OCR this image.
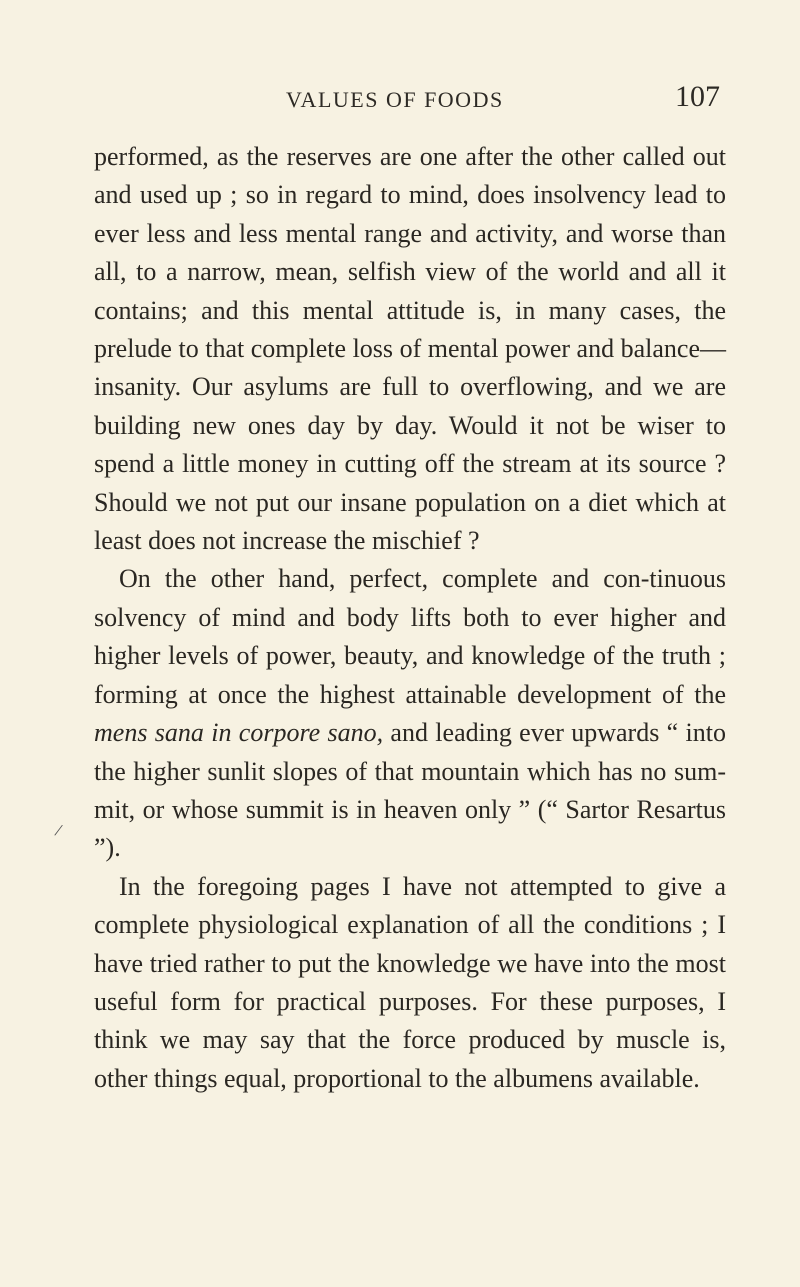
VALUES OF FOODS	107
/

performed, as the reserves are one after the other called out and used up ; so in regard to mind, does insolvency lead to ever less and less mental range and activity, and worse than all, to a narrow, mean, selfish view of the world and all it contains; and this mental attitude is, in many cases, the prelude to that complete loss of mental power and balance— insanity. Our asylums are full to overflowing, and we are building new ones day by day. Would it not be wiser to spend a little money in cutting off the stream at its source ? Should we not put our insane population on a diet which at least does not increase the mischief ?

On the other hand, perfect, complete and con-tinuous solvency of mind and body lifts both to ever higher and higher levels of power, beauty, and knowledge of the truth ; forming at once the highest attainable development of the mens sana in corpore sano, and leading ever upwards “ into the higher sunlit slopes of that mountain which has no sum-mit, or whose summit is in heaven only ” (“ Sartor Resartus ”).

In the foregoing pages I have not attempted to give a complete physiological explanation of all the conditions ; I have tried rather to put the knowledge we have into the most useful form for practical purposes. For these purposes, I think we may say that the force produced by muscle is, other things equal, proportional to the albumens available.
